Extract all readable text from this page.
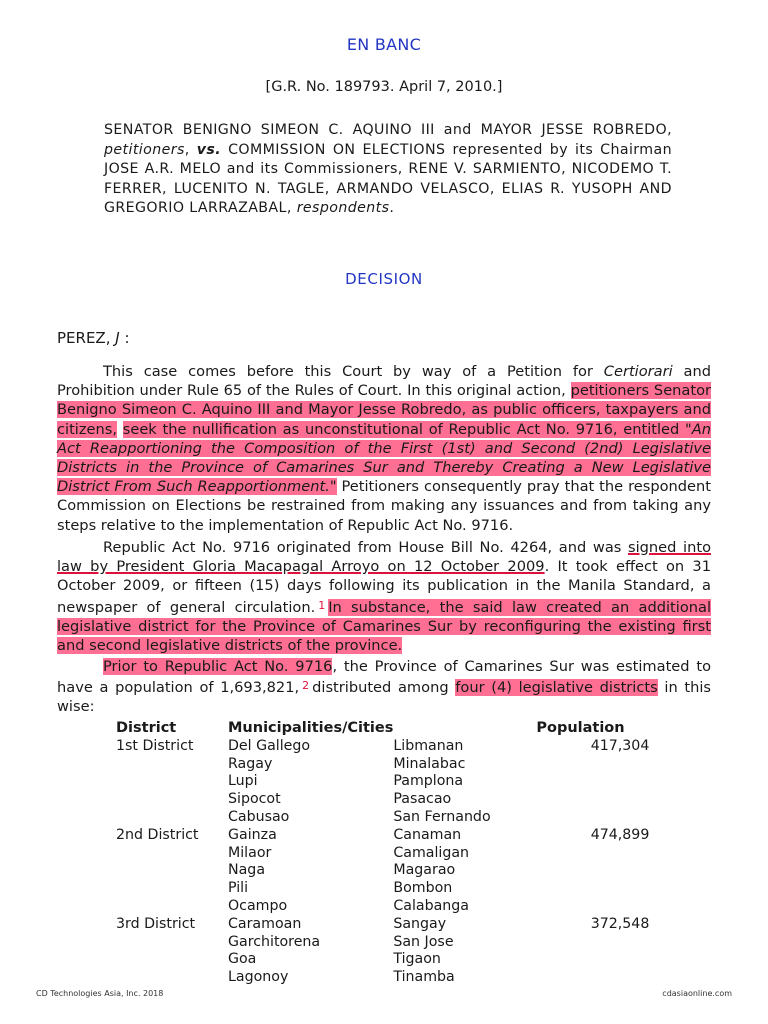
EN BANC
[G.R. No. 189793. April 7, 2010.]
SENATOR BENIGNO SIMEON C. AQUINO III and MAYOR JESSE ROBREDO, petitioners, vs. COMMISSION ON ELECTIONS represented by its Chairman JOSE A.R. MELO and its Commissioners, RENE V. SARMIENTO, NICODEMO T. FERRER, LUCENITO N. TAGLE, ARMANDO VELASCO, ELIAS R. YUSOPH AND GREGORIO LARRAZABAL, respondents.
DECISION
PEREZ, J :
This case comes before this Court by way of a Petition for Certiorari and Prohibition under Rule 65 of the Rules of Court. In this original action, petitioners Senator Benigno Simeon C. Aquino III and Mayor Jesse Robredo, as public officers, taxpayers and citizens, seek the nullification as unconstitutional of Republic Act No. 9716, entitled "An Act Reapportioning the Composition of the First (1st) and Second (2nd) Legislative Districts in the Province of Camarines Sur and Thereby Creating a New Legislative District From Such Reapportionment." Petitioners consequently pray that the respondent Commission on Elections be restrained from making any issuances and from taking any steps relative to the implementation of Republic Act No. 9716.
Republic Act No. 9716 originated from House Bill No. 4264, and was signed into law by President Gloria Macapagal Arroyo on 12 October 2009. It took effect on 31 October 2009, or fifteen (15) days following its publication in the Manila Standard, a newspaper of general circulation. $^1$ In substance, the said law created an additional legislative district for the Province of Camarines Sur by reconfiguring the existing first and second legislative districts of the province.
Prior to Republic Act No. 9716, the Province of Camarines Sur was estimated to have a population of 1,693,821, $^2$ distributed among four (4) legislative districts in this wise:
District	Municipalities/Cities		Population
1st District	Del Gallego	Libmanan	417,304
	Ragay	Minalabac	
	Lupi	Pamplona	
	Sipocot	Pasacao	
	Cabusao	San Fernando	
2nd District	Gainza	Canaman	474,899
	Milaor	Camaligan	
	Naga	Magarao	
	Pili	Bombon	
	Ocampo	Calabanga	
3rd District	Caramoan	Sangay	372,548
	Garchitorena	San Jose	
	Goa	Tigaon	
	Lagonoy	Tinamba	
CD Technologies Asia, Inc. 2018	cdasiaonline.com
